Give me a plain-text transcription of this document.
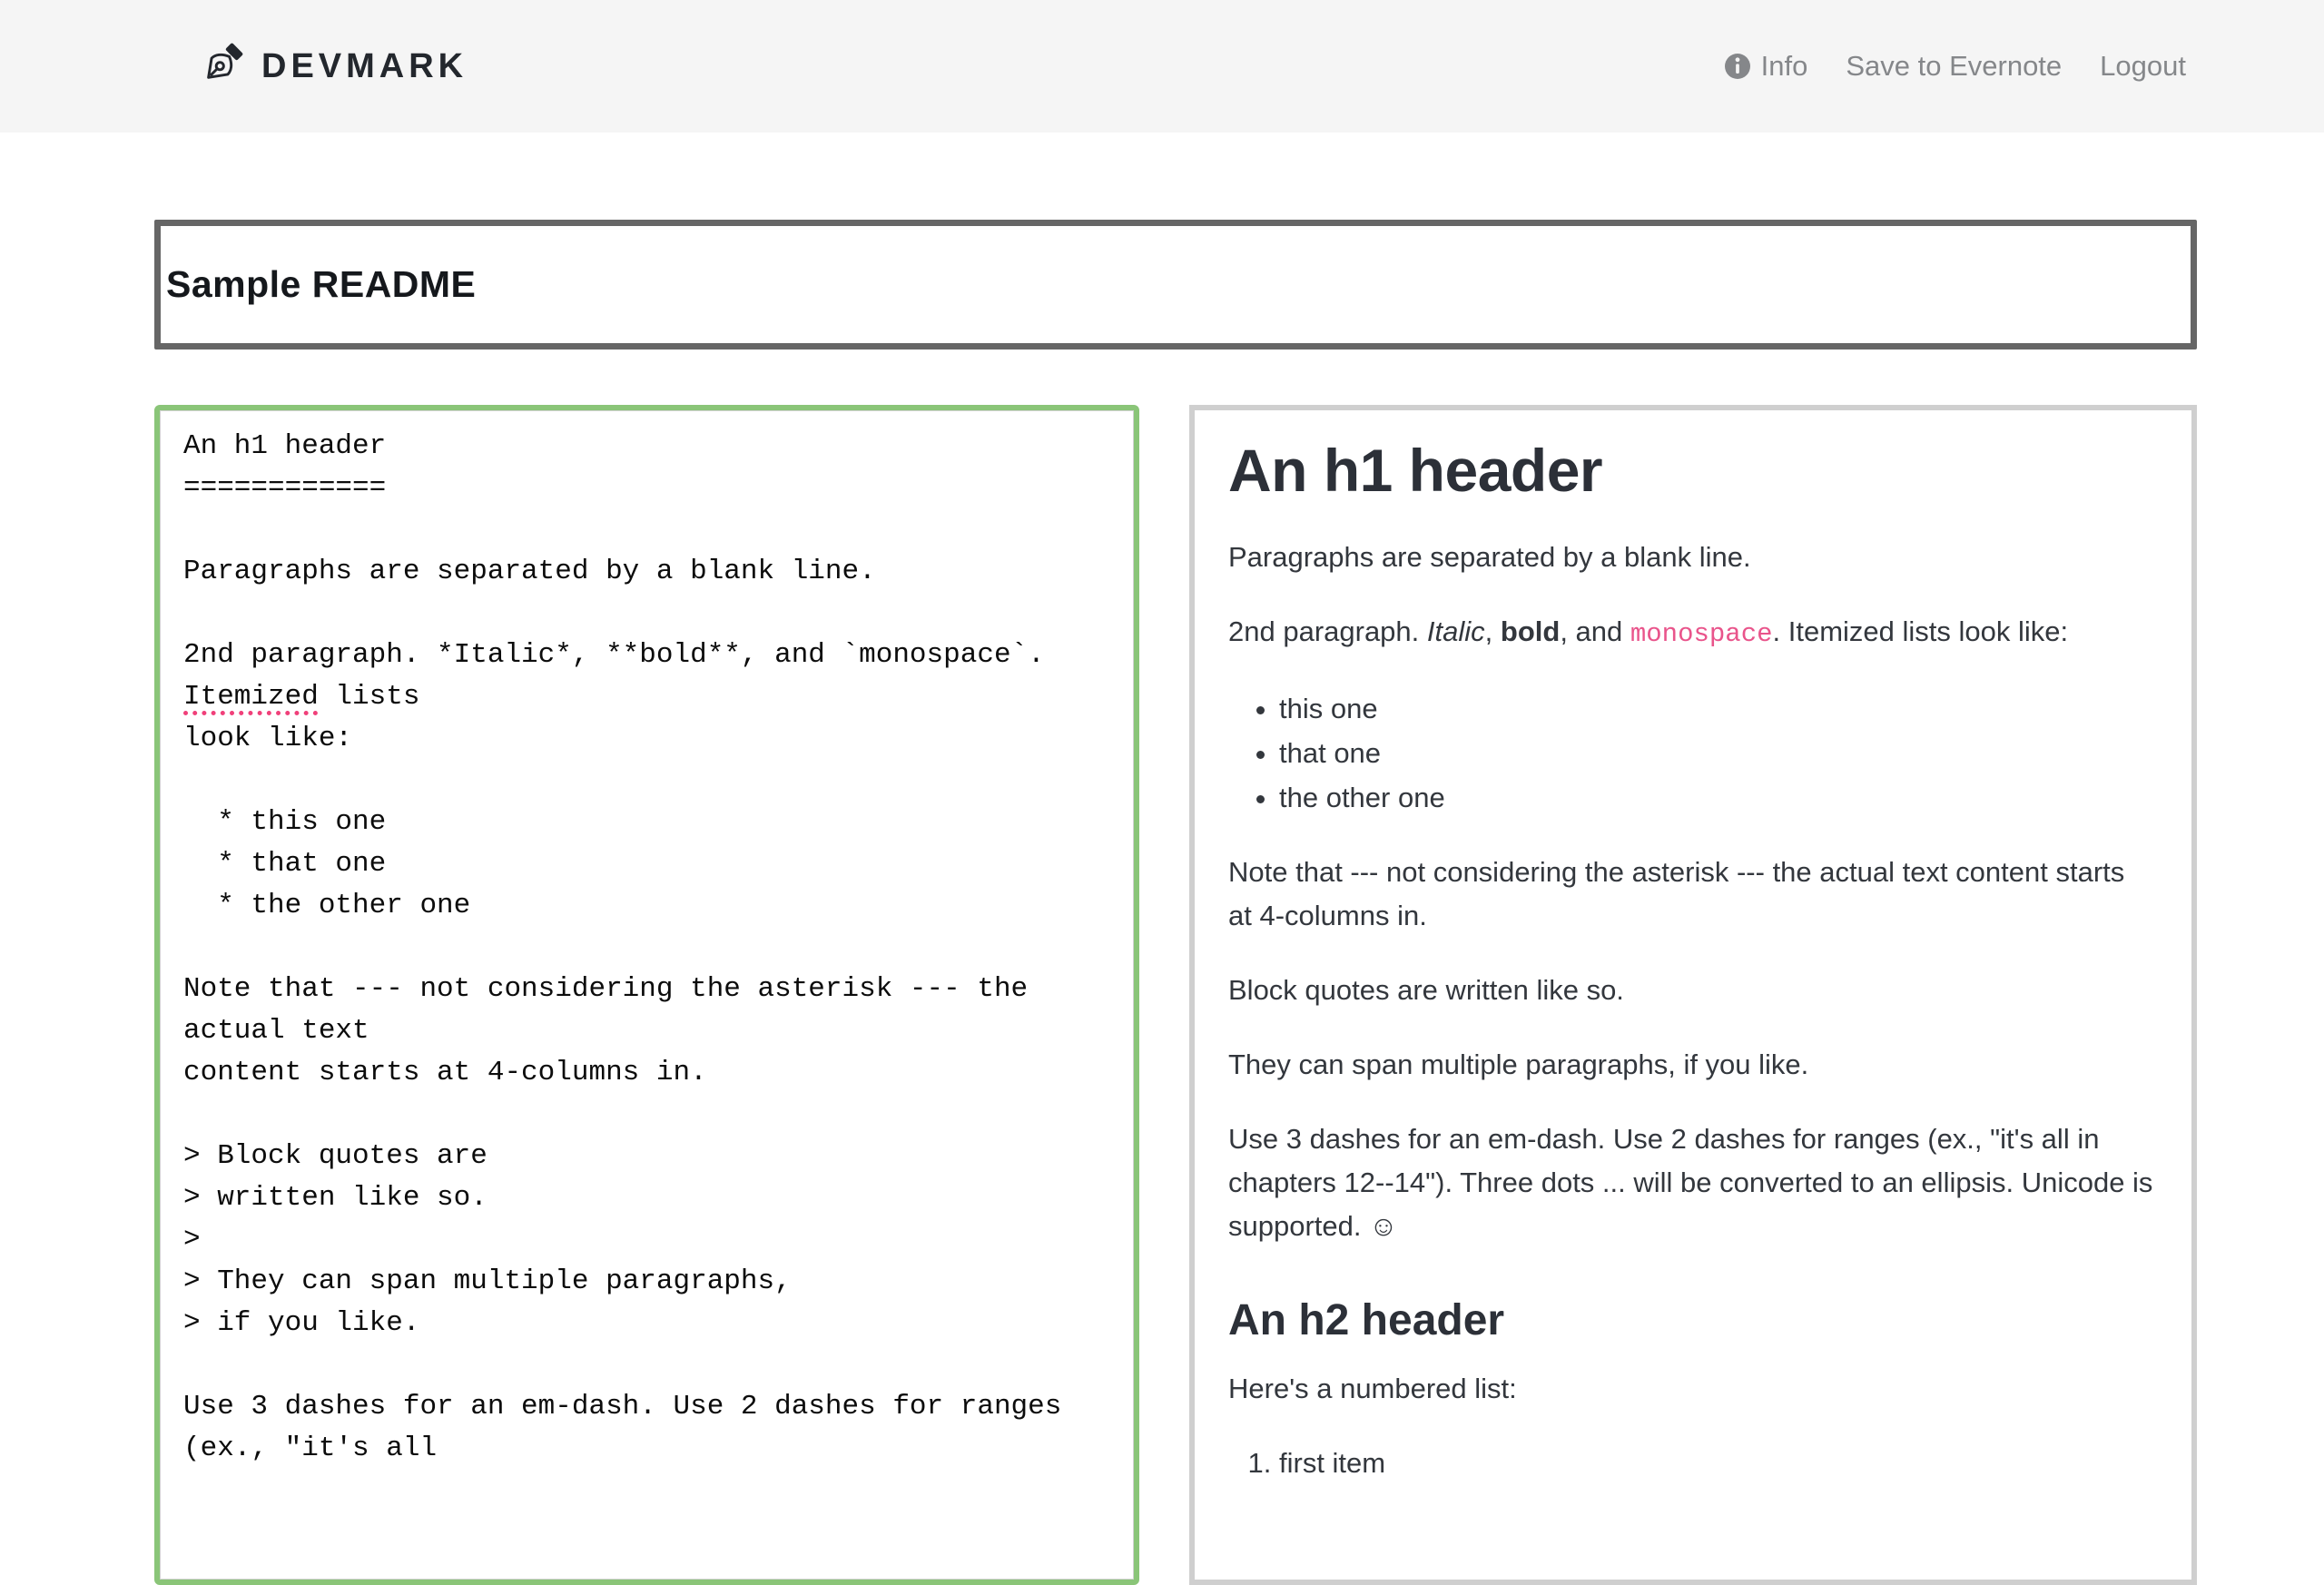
DEVMARK	Info Save to Evernote Logout
Sample README
An h1 header
============
Paragraphs are separated by a blank line.
2nd paragraph. *Italic*, **bold**, and `monospace`.
Itemized lists
look like:
* this one
* that one
* the other one
Note that --- not considering the asterisk --- the
actual text
content starts at 4-columns in.
> Block quotes are
> written like so.
>
> They can span multiple paragraphs,
> if you like.
Use 3 dashes for an em-dash. Use 2 dashes for ranges
(ex., "it's all
An h1 header

Paragraphs are separated by a blank line.

2nd paragraph. Italic, bold, and monospace. Itemized lists look like:

• this one
• that one
• the other one

Note that --- not considering the asterisk --- the actual text content starts at 4-columns in.

Block quotes are written like so.

They can span multiple paragraphs, if you like.

Use 3 dashes for an em-dash. Use 2 dashes for ranges (ex., "it's all in chapters 12--14"). Three dots ... will be converted to an ellipsis. Unicode is supported. ☺

An h2 header

Here's a numbered list:

1. first item
